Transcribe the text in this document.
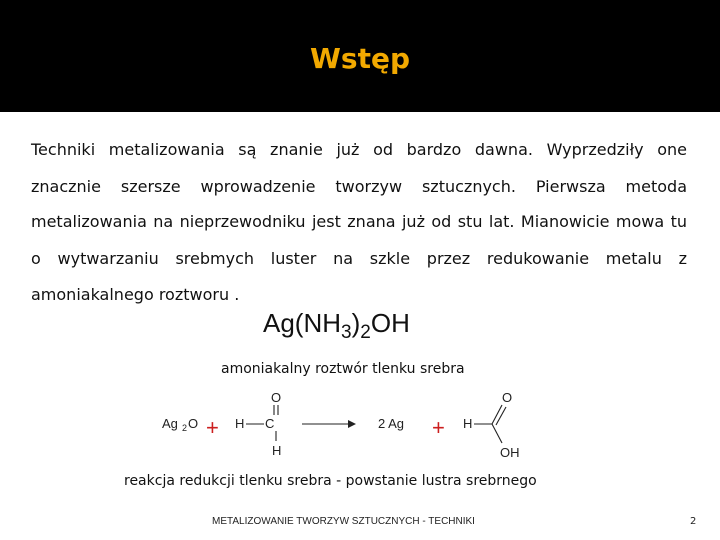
Wstęp
Techniki metalizowania są znanie już od bardzo dawna. Wyprzedziły one
znacznie szersze wprowadzenie tworzyw sztucznych. Pierwsza metoda
metalizowania na nieprzewodniku jest znana już od stu lat. Mianowicie mowa tu
o wytwarzaniu srebmych luster na szkle przez redukowanie metalu z
amoniakalnego roztworu .
$Ag(NH_3)_2OH$
amoniakalny roztwór tlenku srebra
Ag 2 O + H C
O
H
2 Ag + H
O
OH
reakcja redukcji tlenku srebra - powstanie lustra srebrnego
METALIZOWANIE TWORZYW SZTUCZNYCH - TECHNIKI	2
